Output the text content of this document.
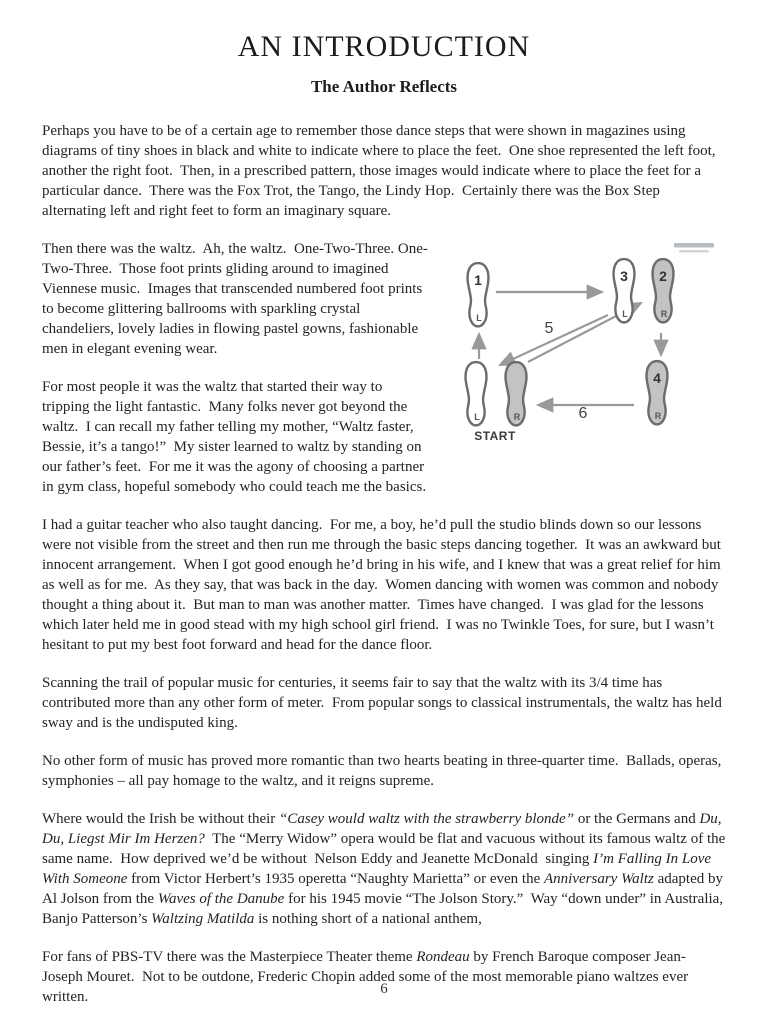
AN INTRODUCTION
The Author Reflects

Perhaps you have to be of a certain age to remember those dance steps that were shown in magazines using diagrams of tiny shoes in black and white to indicate where to place the feet.  One shoe represented the left foot, another the right foot.  Then, in a prescribed pattern, those images would indicate where to place the feet for a particular dance.  There was the Fox Trot, the Tango, the Lindy Hop.  Certainly there was the Box Step alternating left and right feet to form an imaginary square.

1
L
3
L
2
R
4
R
L	R
5
6
START

Then there was the waltz.  Ah, the waltz.  One-Two-Three. One-Two-Three.  Those foot prints gliding around to imagined Viennese music.  Images that transcended numbered foot prints to become glittering ballrooms with sparkling crystal chandeliers, lovely ladies in flowing pastel gowns, fashionable men in elegant evening wear.

For most people it was the waltz that started their way to tripping the light fantastic.  Many folks never got beyond the waltz.  I can recall my father telling my mother, “Waltz faster, Bessie, it’s a tango!”  My sister learned to waltz by standing on our father’s feet.  For me it was the agony of choosing a partner in gym class, hopeful somebody who could teach me the basics.

I had a guitar teacher who also taught dancing.  For me, a boy, he’d pull the studio blinds down so our lessons were not visible from the street and then run me through the basic steps dancing together.  It was an awkward but innocent arrangement.  When I got good enough he’d bring in his wife, and I knew that was a great relief for him as well as for me.  As they say, that was back in the day.  Women dancing with women was common and nobody thought a thing about it.  But man to man was another matter.  Times have changed.  I was glad for the lessons which later held me in good stead with my high school girl friend.  I was no Twinkle Toes, for sure, but I wasn’t hesitant to put my best foot forward and head for the dance floor.

Scanning the trail of popular music for centuries, it seems fair to say that the waltz with its 3/4 time has contributed more than any other form of meter.  From popular songs to classical instrumentals, the waltz has held sway and is the undisputed king.

No other form of music has proved more romantic than two hearts beating in three-quarter time.  Ballads, operas, symphonies – all pay homage to the waltz, and it reigns supreme.

Where would the Irish be without their “Casey would waltz with the strawberry blonde” or the Germans and Du, Du, Liegst Mir Im Herzen?  The “Merry Widow” opera would be flat and vacuous without its famous waltz of the same name.  How deprived we’d be without  Nelson Eddy and Jeanette McDonald  singing I’m Falling In Love With Someone from Victor Herbert’s 1935 operetta “Naughty Marietta” or even the Anniversary Waltz adapted by Al Jolson from the Waves of the Danube for his 1945 movie “The Jolson Story.”  Way “down under” in Australia, Banjo Patterson’s Waltzing Matilda is nothing short of a national anthem,

For fans of PBS-TV there was the Masterpiece Theater theme Rondeau by French Baroque composer Jean-Joseph Mouret.  Not to be outdone, Frederic Chopin added some of the most memorable piano waltzes ever written.	6
